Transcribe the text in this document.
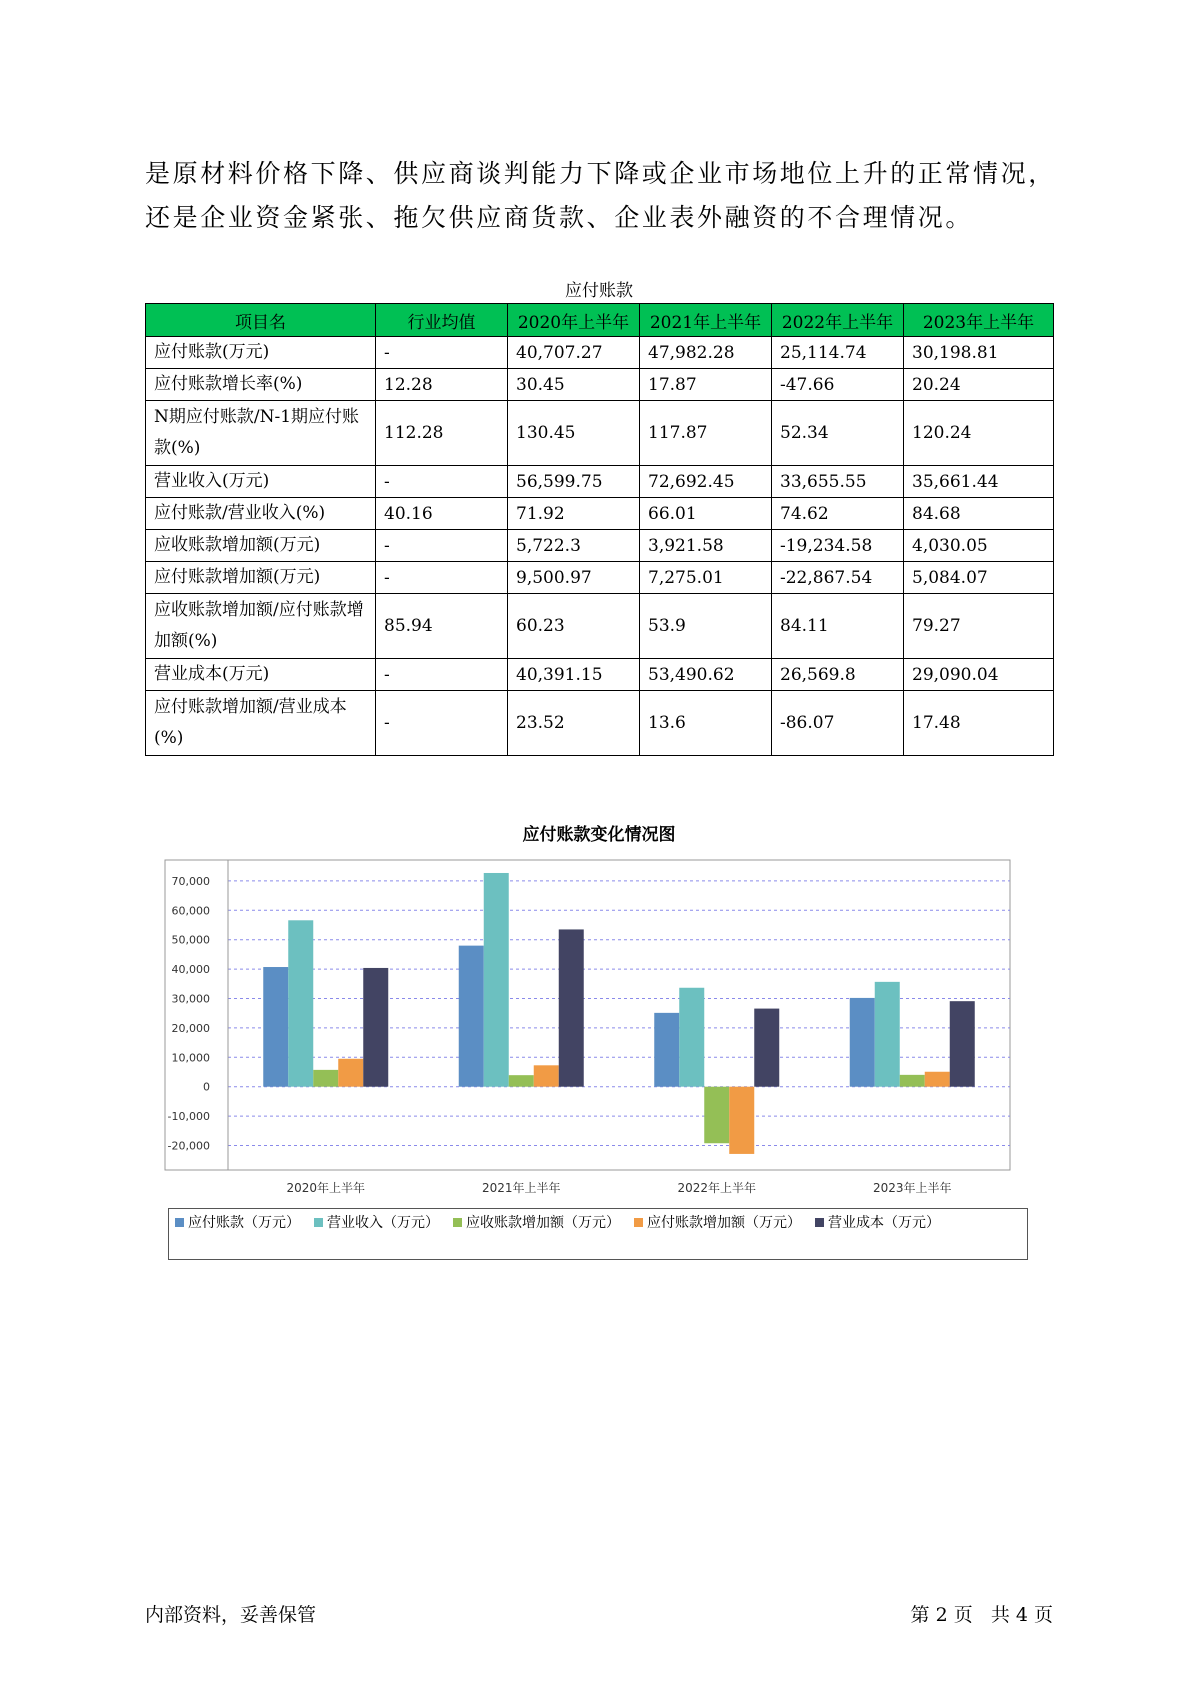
是原材料价格下降、供应商谈判能力下降或企业市场地位上升的正常情况，
还是企业资金紧张、拖欠供应商货款、企业表外融资的不合理情况。
应付账款
项目名	行业均值	2020年上半年	2021年上半年	2022年上半年	2023年上半年
应付账款(万元)	-	40,707.27	47,982.28	25,114.74	30,198.81
应付账款增长率(%)	12.28	30.45	17.87	-47.66	20.24
N期应付账款/N-1期应付账款(%)	112.28	130.45	117.87	52.34	120.24
营业收入(万元)	-	56,599.75	72,692.45	33,655.55	35,661.44
应付账款/营业收入(%)	40.16	71.92	66.01	74.62	84.68
应收账款增加额(万元)	-	5,722.3	3,921.58	-19,234.58	4,030.05
应付账款增加额(万元)	-	9,500.97	7,275.01	-22,867.54	5,084.07
应收账款增加额/应付账款增加额(%)	85.94	60.23	53.9	84.11	79.27
营业成本(万元)	-	40,391.15	53,490.62	26,569.8	29,090.04
应付账款增加额/营业成本(%)	-	23.52	13.6	-86.07	17.48
应付账款变化情况图
70,000
60,000
50,000
40,000
30,000
20,000
10,000
0
-10,000
-20,000
2020年上半年	2021年上半年	2022年上半年	2023年上半年
应付账款（万元） 营业收入（万元） 应收账款增加额（万元） 应付账款增加额（万元） 营业成本（万元）
内部资料，妥善保管	第 2 页   共 4 页
